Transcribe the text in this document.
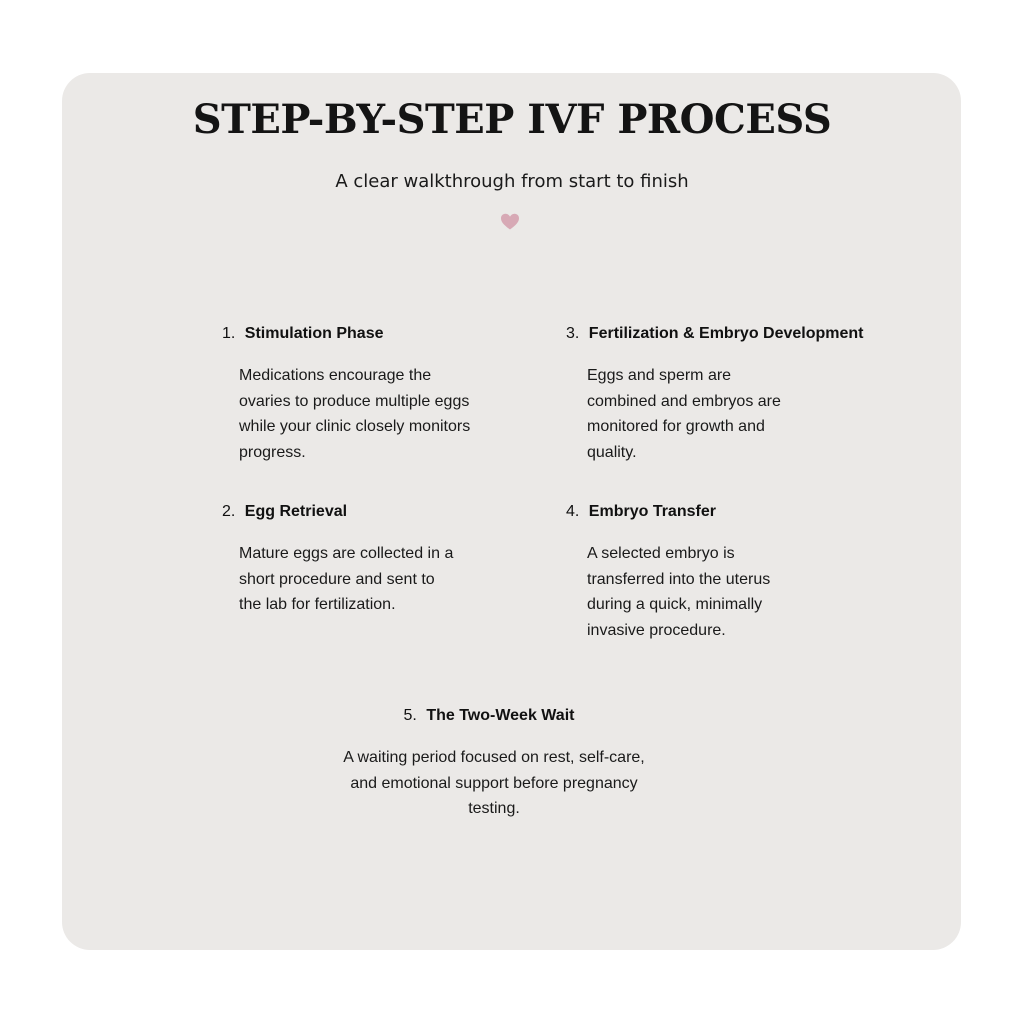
STEP-BY-STEP IVF PROCESS

A clear walkthrough from start to finish

1. Stimulation Phase

Medications encourage the ovaries to produce multiple eggs while your clinic closely monitors progress.

2. Egg Retrieval

Mature eggs are collected in a short procedure and sent to the lab for fertilization.

3. Fertilization & Embryo Development

Eggs and sperm are combined and embryos are monitored for growth and quality.

4. Embryo Transfer

A selected embryo is transferred into the uterus during a quick, minimally invasive procedure.

5. The Two-Week Wait

A waiting period focused on rest, self-care, and emotional support before pregnancy testing.
